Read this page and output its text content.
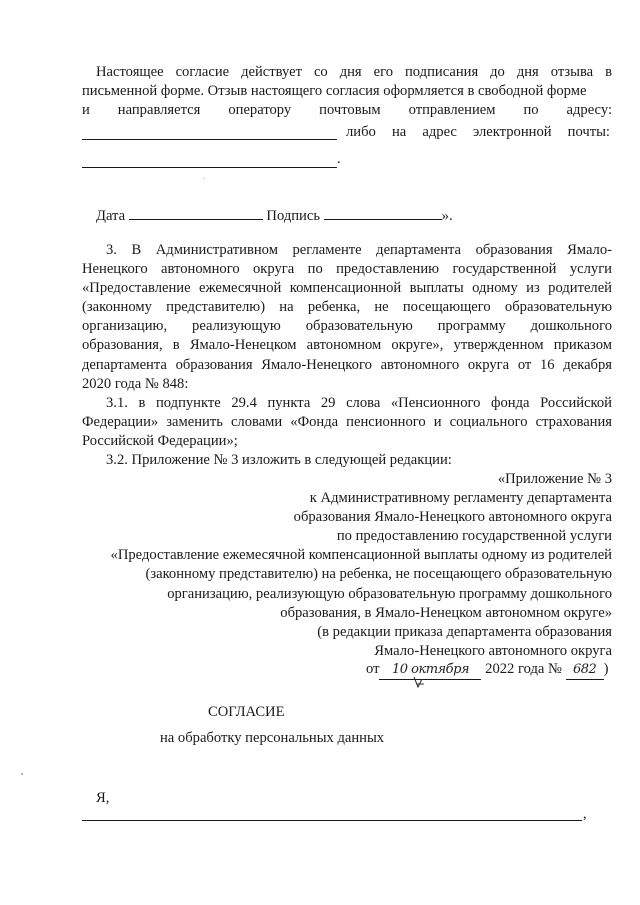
Настоящее согласие действует со дня его подписания до дня отзыва в
письменной форме. Отзыв настоящего согласия оформляется в свободной форме
и направляется оператору почтовым отправлением по адресу:
либо на адрес электронной почты:
.
Дата	Подпись	».
3. В Административном регламенте департамента образования Ямало-
Ненецкого автономного округа по предоставлению государственной услуги
«Предоставление ежемесячной компенсационной выплаты одному из родителей
(законному представителю) на ребенка, не посещающего образовательную
организацию, реализующую образовательную программу дошкольного
образования, в Ямало-Ненецком автономном округе», утвержденном приказом
департамента образования Ямало-Ненецкого автономного округа от 16 декабря
2020 года № 848:
3.1. в подпункте 29.4 пункта 29 слова «Пенсионного фонда Российской
Федерации» заменить словами «Фонда пенсионного и социального страхования
Российской Федерации»;
3.2. Приложение № 3 изложить в следующей редакции:
«Приложение № 3
к Административному регламенту департамента
образования Ямало-Ненецкого автономного округа
по предоставлению государственной услуги
«Предоставление ежемесячной компенсационной выплаты одному из родителей
(законному представителю) на ребенка, не посещающего образовательную
организацию, реализующую образовательную программу дошкольного
образования, в Ямало-Ненецком автономном округе»
(в редакции приказа департамента образования
Ямало-Ненецкого автономного округа
от 10 октября 2022 года № 682 )
СОГЛАСИЕ
на обработку персональных данных
Я,
,
